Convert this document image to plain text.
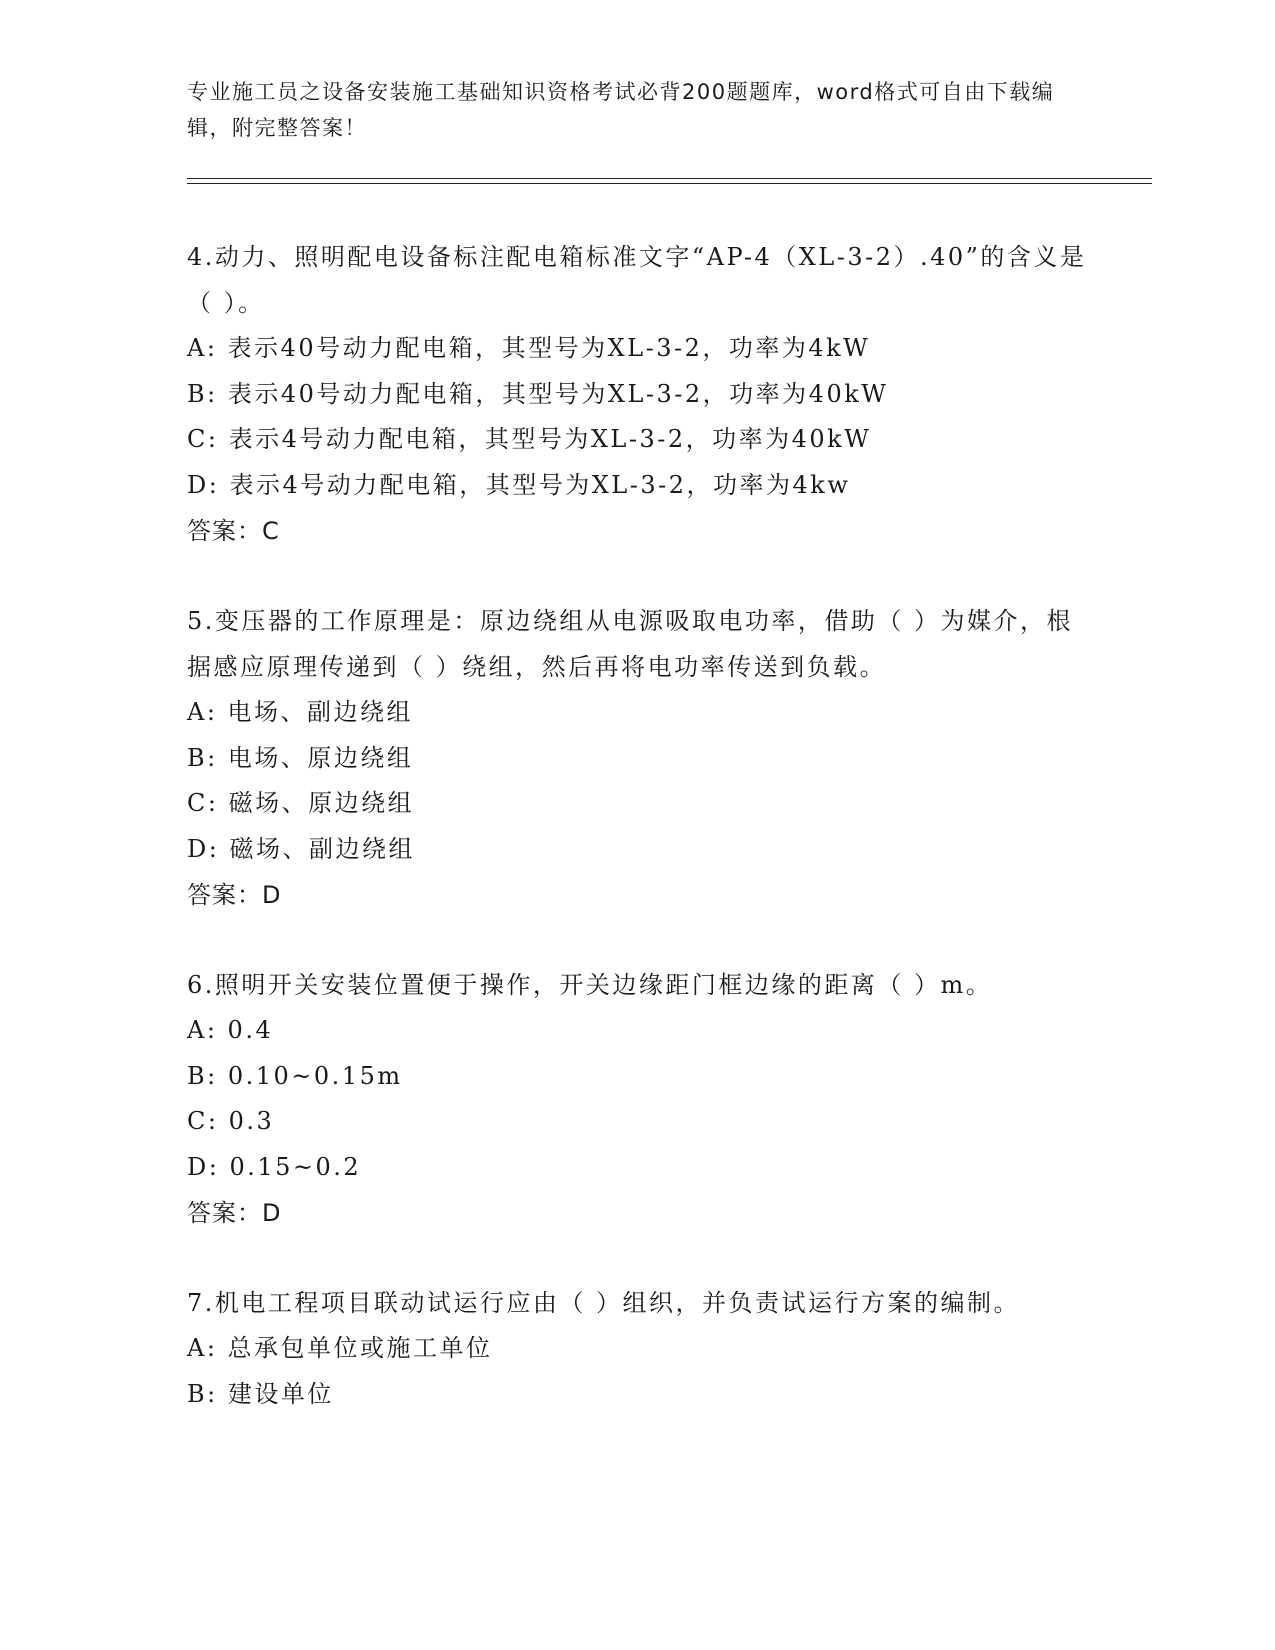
专业施工员之设备安装施工基础知识资格考试必背200题题库，word格式可自由下载编辑，附完整答案！
4.动力、照明配电设备标注配电箱标准文字“AP-4（XL-3-2）.40”的含义是（ ）。
A: 表示40号动力配电箱，其型号为XL-3-2，功率为4kW
B: 表示40号动力配电箱，其型号为XL-3-2，功率为40kW
C: 表示4号动力配电箱，其型号为XL-3-2，功率为40kW
D: 表示4号动力配电箱，其型号为XL-3-2，功率为4kw
答案：C
5.变压器的工作原理是：原边绕组从电源吸取电功率，借助（ ）为媒介，根据感应原理传递到（ ）绕组，然后再将电功率传送到负载。
A: 电场、副边绕组
B: 电场、原边绕组
C: 磁场、原边绕组
D: 磁场、副边绕组
答案：D
6.照明开关安装位置便于操作，开关边缘距门框边缘的距离（ ）m。
A: 0.4
B: 0.10~0.15m
C: 0.3
D: 0.15~0.2
答案：D
7.机电工程项目联动试运行应由（ ）组织，并负责试运行方案的编制。
A: 总承包单位或施工单位
B: 建设单位
